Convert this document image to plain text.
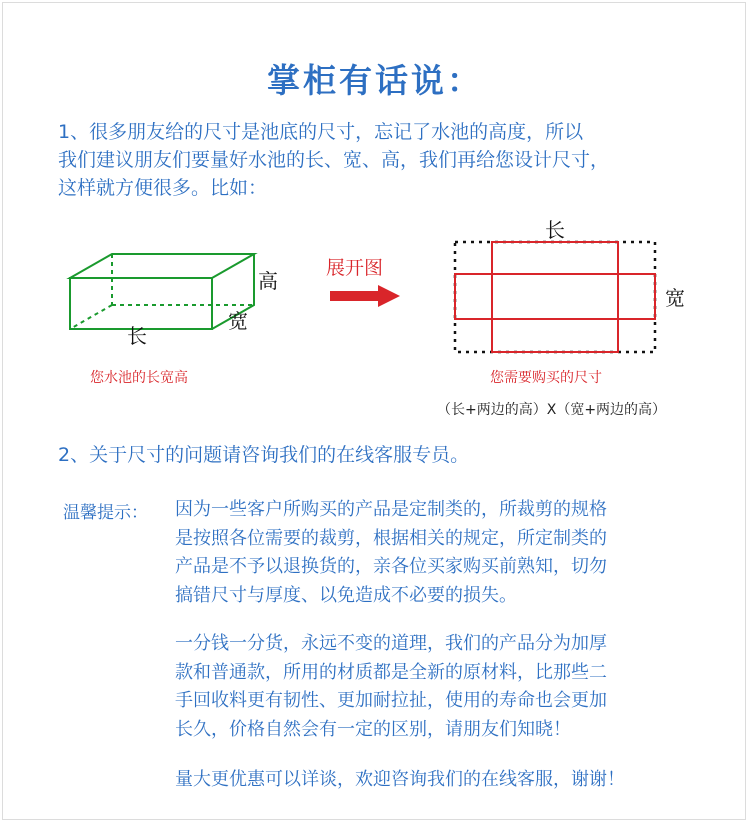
掌柜有话说：
1、很多朋友给的尺寸是池底的尺寸，忘记了水池的高度，所以
我们建议朋友们要量好水池的长、宽、高，我们再给您设计尺寸，
这样就方便很多。比如：
高
宽
长
长
宽
展开图
您水池的长宽高	您需要购买的尺寸
（长+两边的高）X（宽+两边的高）
2、关于尺寸的问题请咨询我们的在线客服专员。
温馨提示： 因为一些客户所购买的产品是定制类的，所裁剪的规格
是按照各位需要的裁剪，根据相关的规定，所定制类的
产品是不予以退换货的，亲各位买家购买前熟知，切勿
搞错尺寸与厚度、以免造成不必要的损失。
一分钱一分货，永远不变的道理，我们的产品分为加厚
款和普通款，所用的材质都是全新的原材料，比那些二
手回收料更有韧性、更加耐拉扯，使用的寿命也会更加
长久，价格自然会有一定的区别，请朋友们知晓！
量大更优惠可以详谈，欢迎咨询我们的在线客服，谢谢！
